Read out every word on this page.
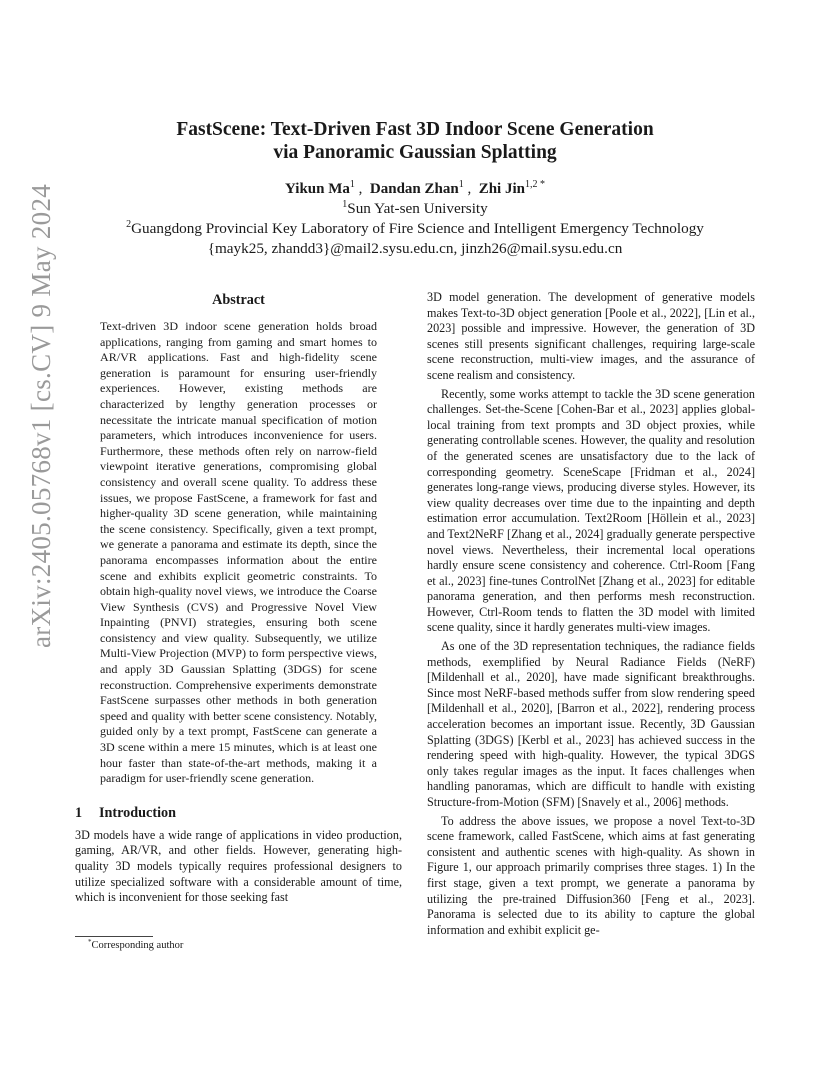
arXiv:2405.05768v1 [cs.CV] 9 May 2024
FastScene: Text-Driven Fast 3D Indoor Scene Generation
via Panoramic Gaussian Splatting
Yikun Ma$^1$ ,  Dandan Zhan$^1$ ,  Zhi Jin$^{1,2 *}$
$^1$Sun Yat-sen University
$^2$Guangdong Provincial Key Laboratory of Fire Science and Intelligent Emergency Technology
{mayk25, zhandd3}@mail2.sysu.edu.cn, jinzh26@mail.sysu.edu.cn
Abstract
Text-driven 3D indoor scene generation holds broad applications, ranging from gaming and smart homes to AR/VR applications. Fast and high-fidelity scene generation is paramount for ensuring user-friendly experiences. However, existing methods are characterized by lengthy generation processes or necessitate the intricate manual specification of motion parameters, which introduces inconvenience for users. Furthermore, these methods often rely on narrow-field viewpoint iterative generations, compromising global consistency and overall scene quality. To address these issues, we propose FastScene, a framework for fast and higher-quality 3D scene generation, while maintaining the scene consistency. Specifically, given a text prompt, we generate a panorama and estimate its depth, since the panorama encompasses information about the entire scene and exhibits explicit geometric constraints. To obtain high-quality novel views, we introduce the Coarse View Synthesis (CVS) and Progressive Novel View Inpainting (PNVI) strategies, ensuring both scene consistency and view quality. Subsequently, we utilize Multi-View Projection (MVP) to form perspective views, and apply 3D Gaussian Splatting (3DGS) for scene reconstruction. Comprehensive experiments demonstrate FastScene surpasses other methods in both generation speed and quality with better scene consistency. Notably, guided only by a text prompt, FastScene can generate a 3D scene within a mere 15 minutes, which is at least one hour faster than state-of-the-art methods, making it a paradigm for user-friendly scene generation.
1 Introduction

3D models have a wide range of applications in video production, gaming, AR/VR, and other fields. However, generating high-quality 3D models typically requires professional designers to utilize specialized software with a considerable amount of time, which is inconvenient for those seeking fast

3D model generation. The development of generative models makes Text-to-3D object generation [Poole et al., 2022], [Lin et al., 2023] possible and impressive. However, the generation of 3D scenes still presents significant challenges, requiring large-scale scene reconstruction, multi-view images, and the assurance of scene realism and consistency.

Recently, some works attempt to tackle the 3D scene generation challenges. Set-the-Scene [Cohen-Bar et al., 2023] applies global-local training from text prompts and 3D object proxies, while generating controllable scenes. However, the quality and resolution of the generated scenes are unsatisfactory due to the lack of corresponding geometry. SceneScape [Fridman et al., 2024] generates long-range views, producing diverse styles. However, its view quality decreases over time due to the inpainting and depth estimation error accumulation. Text2Room [Höllein et al., 2023] and Text2NeRF [Zhang et al., 2024] gradually generate perspective novel views. Nevertheless, their incremental local operations hardly ensure scene consistency and coherence. Ctrl-Room [Fang et al., 2023] fine-tunes ControlNet [Zhang et al., 2023] for editable panorama generation, and then performs mesh reconstruction. However, Ctrl-Room tends to flatten the 3D model with limited scene quality, since it hardly generates multi-view images.

As one of the 3D representation techniques, the radiance fields methods, exemplified by Neural Radiance Fields (NeRF) [Mildenhall et al., 2020], have made significant breakthroughs. Since most NeRF-based methods suffer from slow rendering speed [Mildenhall et al., 2020], [Barron et al., 2022], rendering process acceleration becomes an important issue. Recently, 3D Gaussian Splatting (3DGS) [Kerbl et al., 2023] has achieved success in the rendering speed with high-quality. However, the typical 3DGS only takes regular images as the input. It faces challenges when handling panoramas, which are difficult to handle with existing Structure-from-Motion (SFM) [Snavely et al., 2006] methods.

To address the above issues, we propose a novel Text-to-3D scene framework, called FastScene, which aims at fast generating consistent and authentic scenes with high-quality. As shown in Figure 1, our approach primarily comprises three stages. 1) In the first stage, given a text prompt, we generate a panorama by utilizing the pre-trained Diffusion360 [Feng et al., 2023]. Panorama is selected due to its ability to capture the global information and exhibit explicit ge-

*Corresponding author
